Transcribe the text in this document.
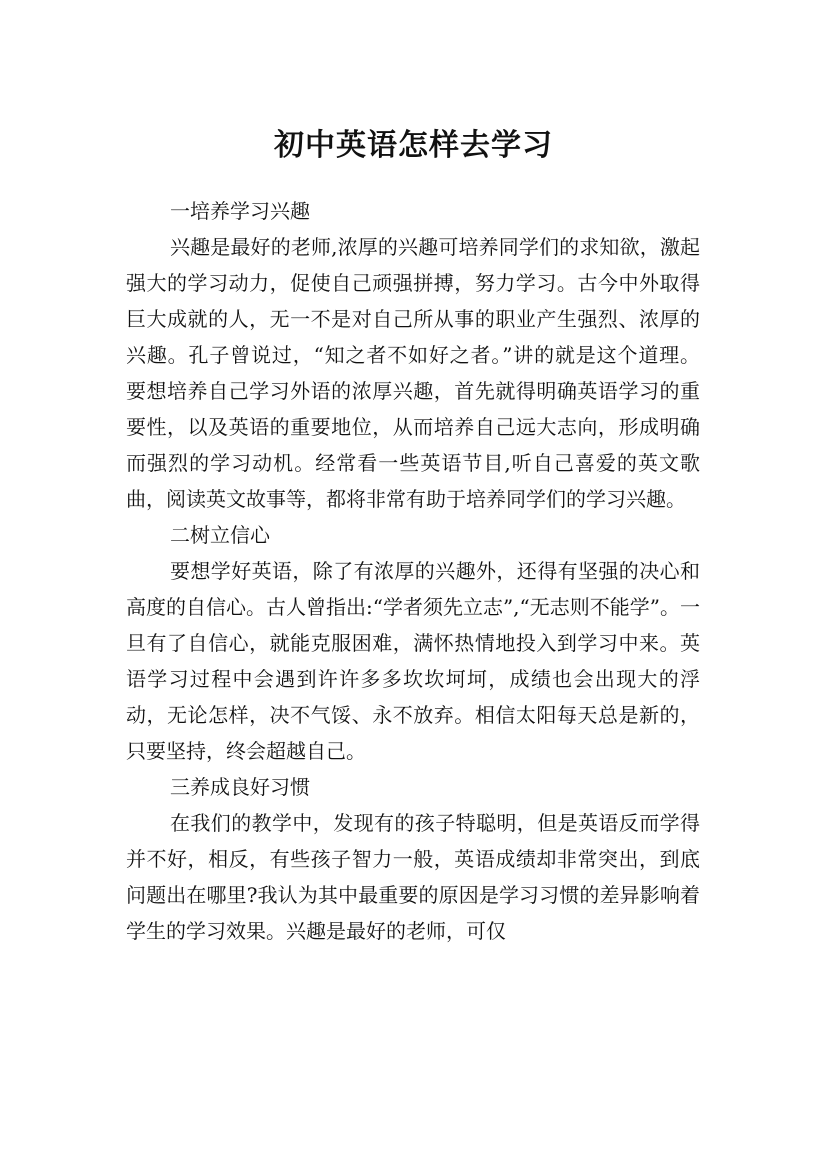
初中英语怎样去学习

一培养学习兴趣

兴趣是最好的老师,浓厚的兴趣可培养同学们的求知欲，激起强大的学习动力，促使自己顽强拼搏，努力学习。古今中外取得巨大成就的人，无一不是对自己所从事的职业产生强烈、浓厚的兴趣。孔子曾说过，“知之者不如好之者。”讲的就是这个道理。 要想培养自己学习外语的浓厚兴趣，首先就得明确英语学习的重要性，以及英语的重要地位，从而培养自己远大志向，形成明确而强烈的学习动机。经常看一些英语节目,听自己喜爱的英文歌曲，阅读英文故事等，都将非常有助于培养同学们的学习兴趣。

二树立信心

要想学好英语，除了有浓厚的兴趣外，还得有坚强的决心和高度的自信心。古人曾指出:“学者须先立志”,“无志则不能学”。一旦有了自信心，就能克服困难，满怀热情地投入到学习中来。英语学习过程中会遇到许许多多坎坎坷坷，成绩也会出现大的浮动，无论怎样，决不气馁、永不放弃。相信太阳每天总是新的，只要坚持，终会超越自己。

三养成良好习惯

在我们的教学中，发现有的孩子特聪明，但是英语反而学得并不好，相反，有些孩子智力一般，英语成绩却非常突出，到底问题出在哪里?我认为其中最重要的原因是学习习惯的差异影响着学生的学习效果。兴趣是最好的老师，可仅
